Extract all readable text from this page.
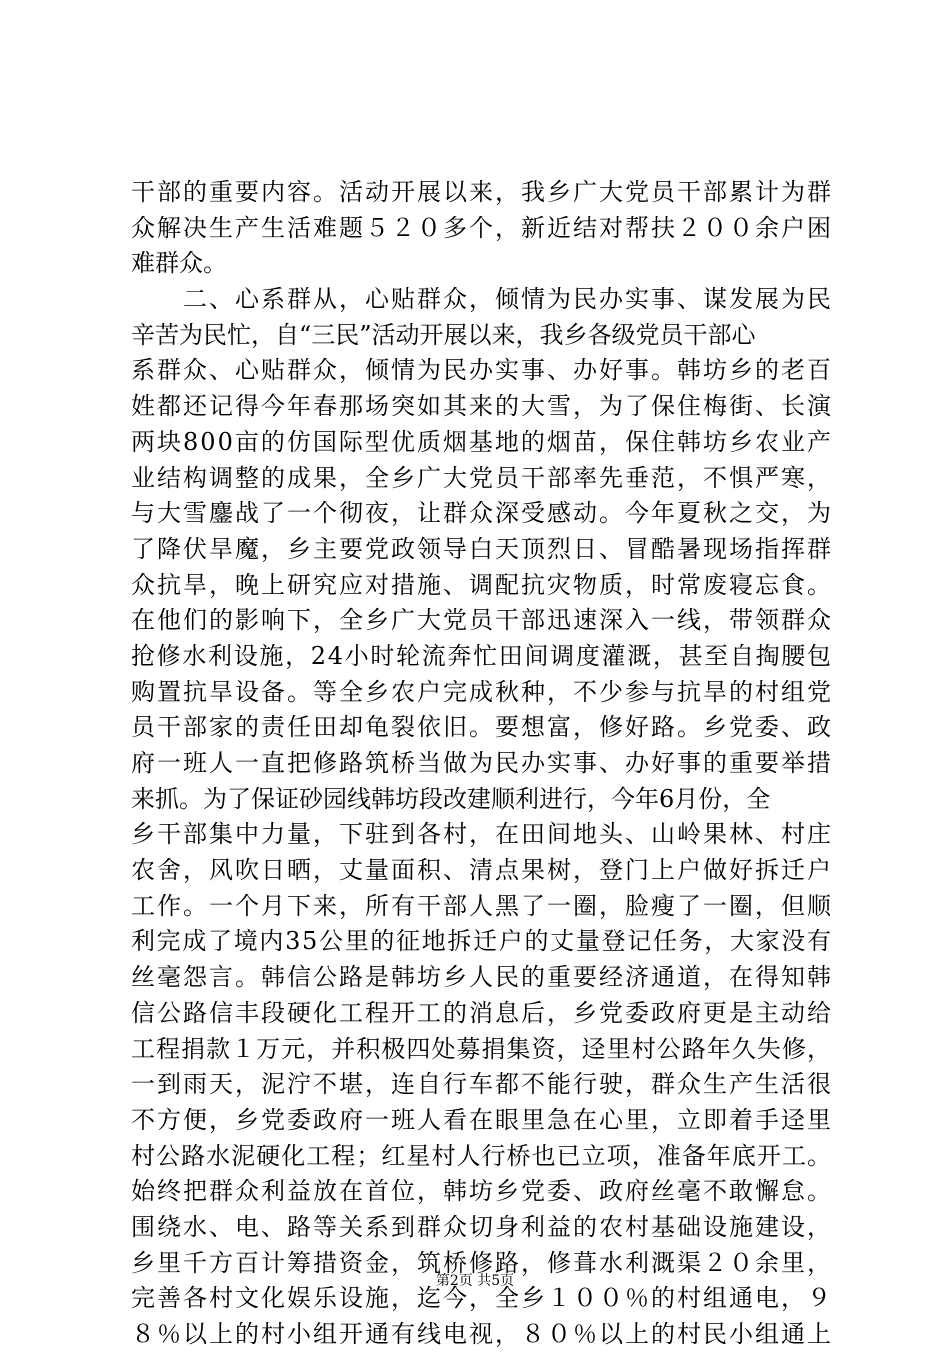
干部的重要内容。活动开展以来，我乡广大党员干部累计为群
众解决生产生活难题５２０多个，新近结对帮扶２００余户困
难群众。
　　二、心系群从，心贴群众，倾情为民办实事、谋发展为民
辛苦为民忙，自“三民”活动开展以来，我乡各级党员干部心
系群众、心贴群众，倾情为民办实事、办好事。韩坊乡的老百
姓都还记得今年春那场突如其来的大雪，为了保住梅街、长演
两块800亩的仿国际型优质烟基地的烟苗，保住韩坊乡农业产
业结构调整的成果，全乡广大党员干部率先垂范，不惧严寒，
与大雪鏖战了一个彻夜，让群众深受感动。今年夏秋之交，为
了降伏旱魔，乡主要党政领导白天顶烈日、冒酷暑现场指挥群
众抗旱，晚上研究应对措施、调配抗灾物质，时常废寝忘食。
在他们的影响下，全乡广大党员干部迅速深入一线，带领群众
抢修水利设施，24小时轮流奔忙田间调度灌溉，甚至自掏腰包
购置抗旱设备。等全乡农户完成秋种，不少参与抗旱的村组党
员干部家的责任田却龟裂依旧。要想富，修好路。乡党委、政
府一班人一直把修路筑桥当做为民办实事、办好事的重要举措
来抓。为了保证砂园线韩坊段改建顺利进行，今年6月份，全
乡干部集中力量，下驻到各村，在田间地头、山岭果林、村庄
农舍，风吹日晒，丈量面积、清点果树，登门上户做好拆迁户
工作。一个月下来，所有干部人黑了一圈，脸瘦了一圈，但顺
利完成了境内35公里的征地拆迁户的丈量登记任务，大家没有
丝毫怨言。韩信公路是韩坊乡人民的重要经济通道，在得知韩
信公路信丰段硬化工程开工的消息后，乡党委政府更是主动给
工程捐款１万元，并积极四处募捐集资，迳里村公路年久失修，
一到雨天，泥泞不堪，连自行车都不能行驶，群众生产生活很
不方便，乡党委政府一班人看在眼里急在心里，立即着手迳里
村公路水泥硬化工程；红星村人行桥也已立项，准备年底开工。
始终把群众利益放在首位，韩坊乡党委、政府丝毫不敢懈怠。
围绕水、电、路等关系到群众切身利益的农村基础设施建设，
乡里千方百计筹措资金，筑桥修路，修葺水利溉渠２０余里，
完善各村文化娱乐设施，迄今，全乡１００％的村组通电，９
８％以上的村小组开通有线电视，８０％以上的村民小组通上
第2页 共5页
